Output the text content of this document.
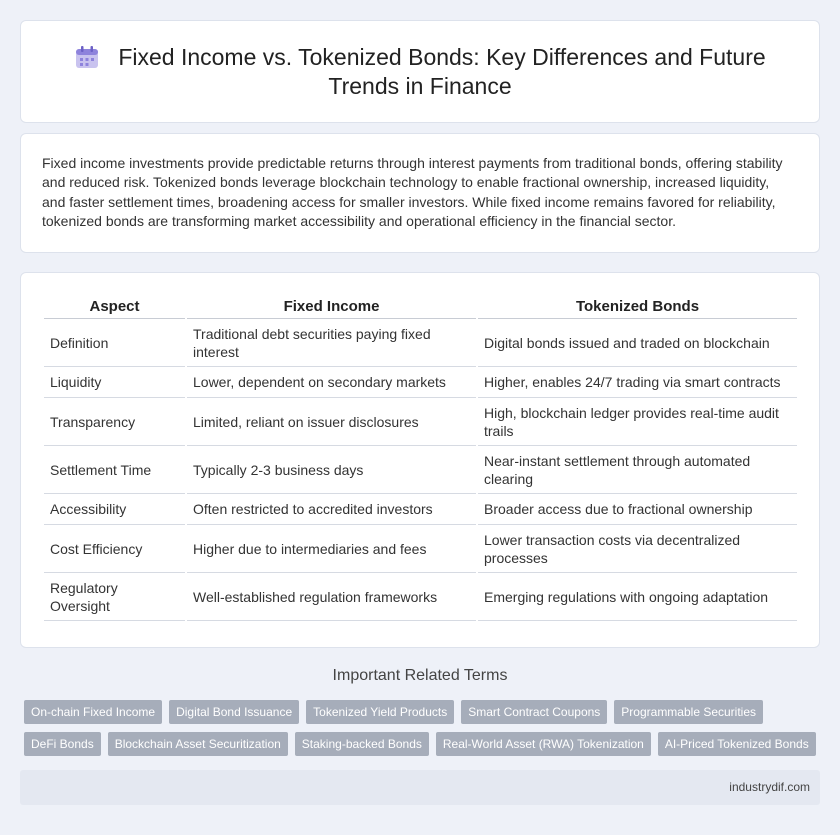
Fixed Income vs. Tokenized Bonds: Key Differences and Future Trends in Finance

Fixed income investments provide predictable returns through interest payments from traditional bonds, offering stability and reduced risk. Tokenized bonds leverage blockchain technology to enable fractional ownership, increased liquidity, and faster settlement times, broadening access for smaller investors. While fixed income remains favored for reliability, tokenized bonds are transforming market accessibility and operational efficiency in the financial sector.

Aspect	Fixed Income	Tokenized Bonds
Definition	Traditional debt securities paying fixed interest	Digital bonds issued and traded on blockchain
Liquidity	Lower, dependent on secondary markets	Higher, enables 24/7 trading via smart contracts
Transparency	Limited, reliant on issuer disclosures	High, blockchain ledger provides real-time audit trails
Settlement Time	Typically 2-3 business days	Near-instant settlement through automated clearing
Accessibility	Often restricted to accredited investors	Broader access due to fractional ownership
Cost Efficiency	Higher due to intermediaries and fees	Lower transaction costs via decentralized processes
Regulatory Oversight	Well-established regulation frameworks	Emerging regulations with ongoing adaptation
Important Related Terms
On-chain Fixed Income	Digital Bond Issuance	Tokenized Yield Products	Smart Contract Coupons	Programmable Securities
DeFi Bonds	Blockchain Asset Securitization	Staking-backed Bonds	Real-World Asset (RWA) Tokenization	AI-Priced Tokenized Bonds
industrydif.com
